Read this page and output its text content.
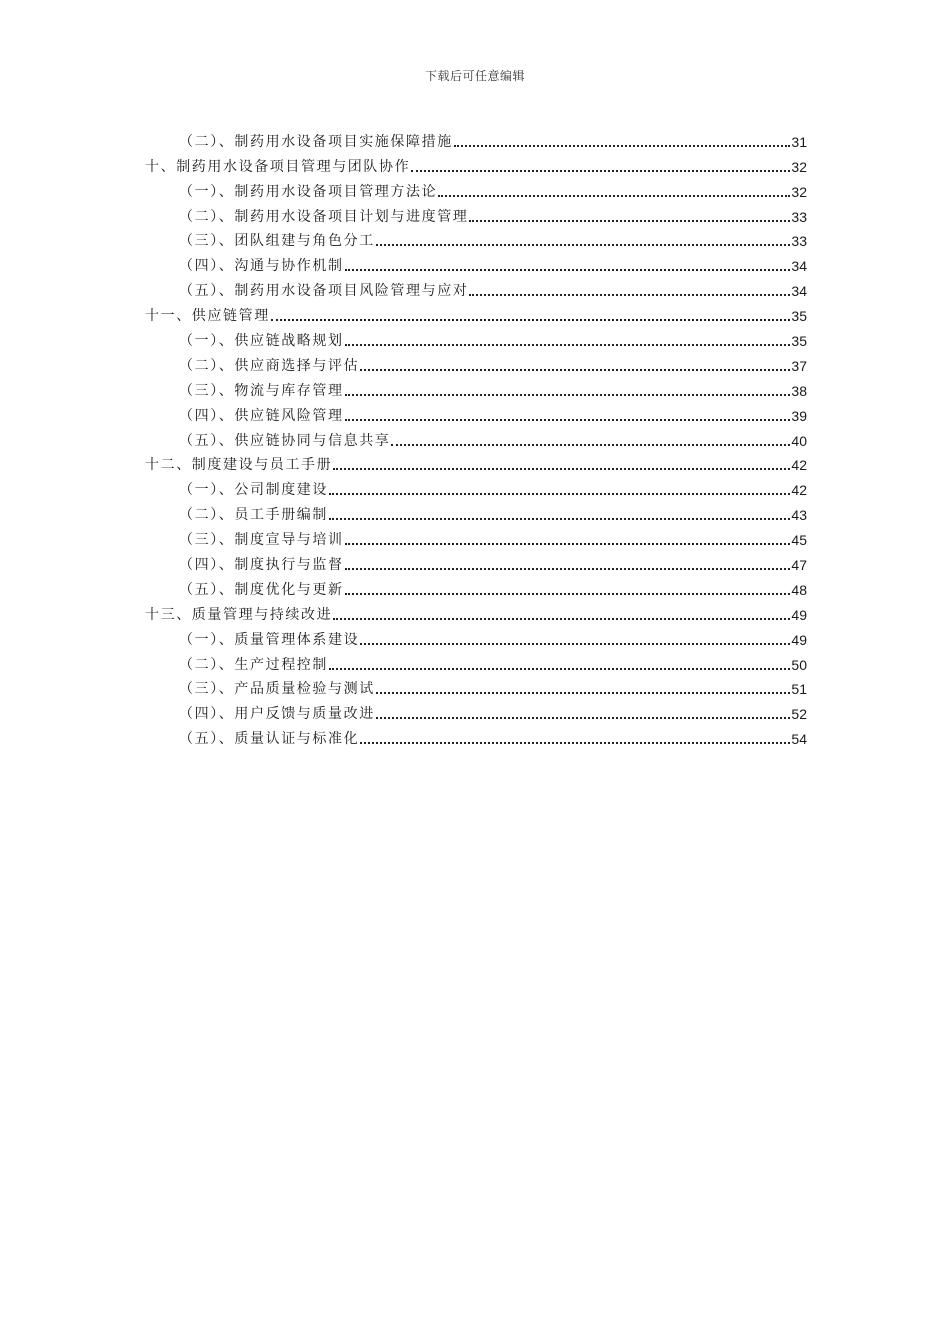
下载后可任意编辑
（二）、制药用水设备项目实施保障措施	31
十、制药用水设备项目管理与团队协作	32
（一）、制药用水设备项目管理方法论	32
（二）、制药用水设备项目计划与进度管理	33
（三）、团队组建与角色分工	33
（四）、沟通与协作机制	34
（五）、制药用水设备项目风险管理与应对	34
十一、供应链管理	35
（一）、供应链战略规划	35
（二）、供应商选择与评估	37
（三）、物流与库存管理	38
（四）、供应链风险管理	39
（五）、供应链协同与信息共享	40
十二、制度建设与员工手册	42
（一）、公司制度建设	42
（二）、员工手册编制	43
（三）、制度宣导与培训	45
（四）、制度执行与监督	47
（五）、制度优化与更新	48
十三、质量管理与持续改进	49
（一）、质量管理体系建设	49
（二）、生产过程控制	50
（三）、产品质量检验与测试	51
（四）、用户反馈与质量改进	52
（五）、质量认证与标准化	54
